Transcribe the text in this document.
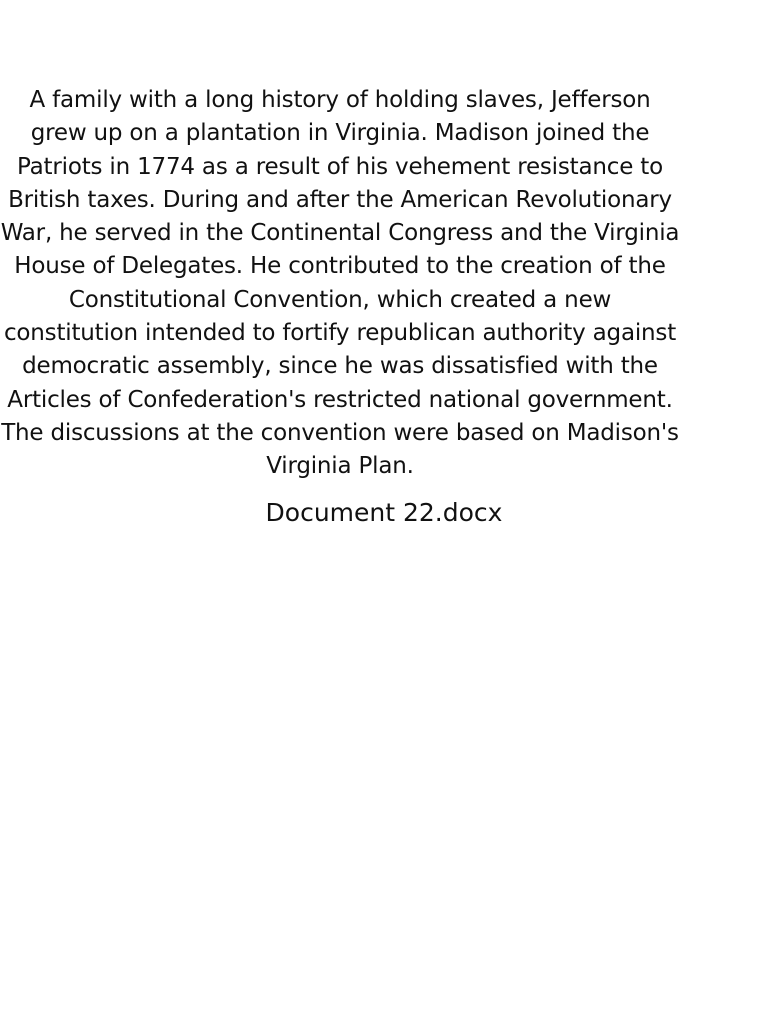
A family with a long history of holding slaves, Jefferson grew up on a plantation in Virginia. Madison joined the Patriots in 1774 as a result of his vehement resistance to British taxes. During and after the American Revolutionary War, he served in the Continental Congress and the Virginia House of Delegates. He contributed to the creation of the Constitutional Convention, which created a new constitution intended to fortify republican authority against democratic assembly, since he was dissatisfied with the Articles of Confederation's restricted national government. The discussions at the convention were based on Madison's Virginia Plan.

Document 22.docx
